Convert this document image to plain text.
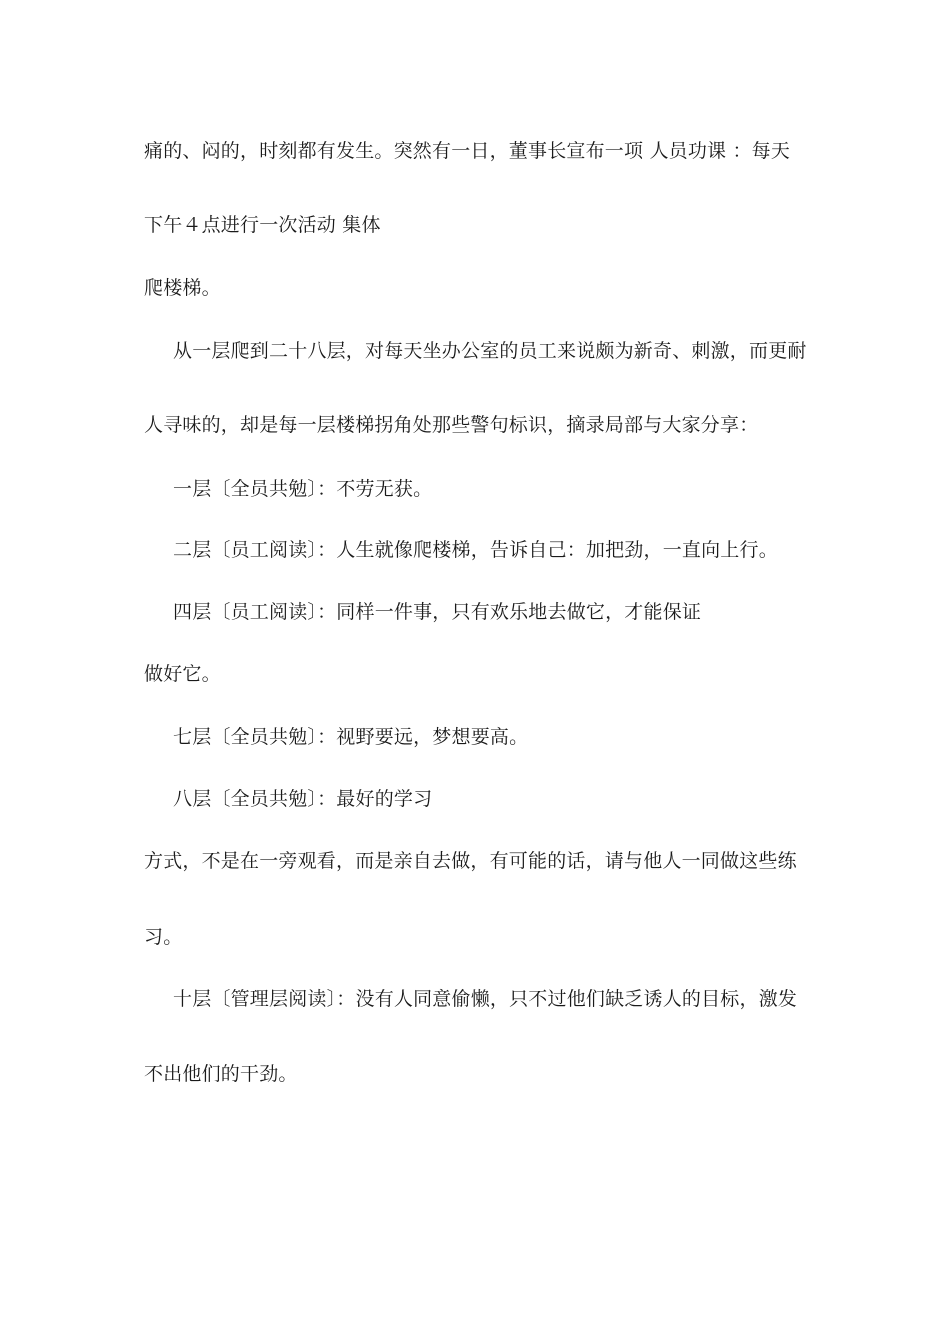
痛的、闷的，时刻都有发生。突然有一日，董事长宣布一项 人员功课 ：每天
下午４点进行一次活动 集体
爬楼梯。
从一层爬到二十八层，对每天坐办公室的员工来说颇为新奇、刺激，而更耐
人寻味的，却是每一层楼梯拐角处那些警句标识，摘录局部与大家分享：
一层〔全员共勉〕：不劳无获。
二层〔员工阅读〕：人生就像爬楼梯，告诉自己：加把劲，一直向上行。
四层〔员工阅读〕：同样一件事，只有欢乐地去做它，才能保证
做好它。
七层〔全员共勉〕：视野要远，梦想要高。
八层〔全员共勉〕：最好的学习
方式，不是在一旁观看，而是亲自去做，有可能的话，请与他人一同做这些练
习。
十层〔管理层阅读〕：没有人同意偷懒，只不过他们缺乏诱人的目标，激发
不出他们的干劲。
